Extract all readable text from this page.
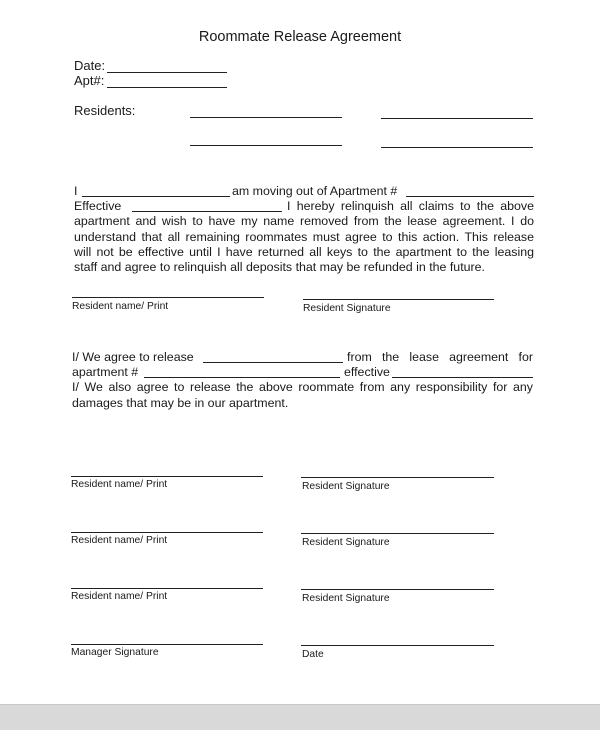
Roommate Release Agreement
Date:
Apt#:
Residents:
I	am moving out of Apartment #
Effective	I hereby relinquish all claims to the above
apartment and wish to have my name removed from the lease agreement. I do
understand that all remaining roommates must agree to this action. This release
will not be effective until I have returned all keys to the apartment to the leasing
staff and agree to relinquish all deposits that may be refunded in the future.
Resident name/ Print	Resident Signature
I/ We agree to release	from the lease agreement for
apartment #	effective
I/ We also agree to release the above roommate from any responsibility for any
damages that may be in our apartment.
Resident name/ Print	Resident Signature
Resident name/ Print	Resident Signature
Resident name/ Print	Resident Signature
Manager Signature	Date
